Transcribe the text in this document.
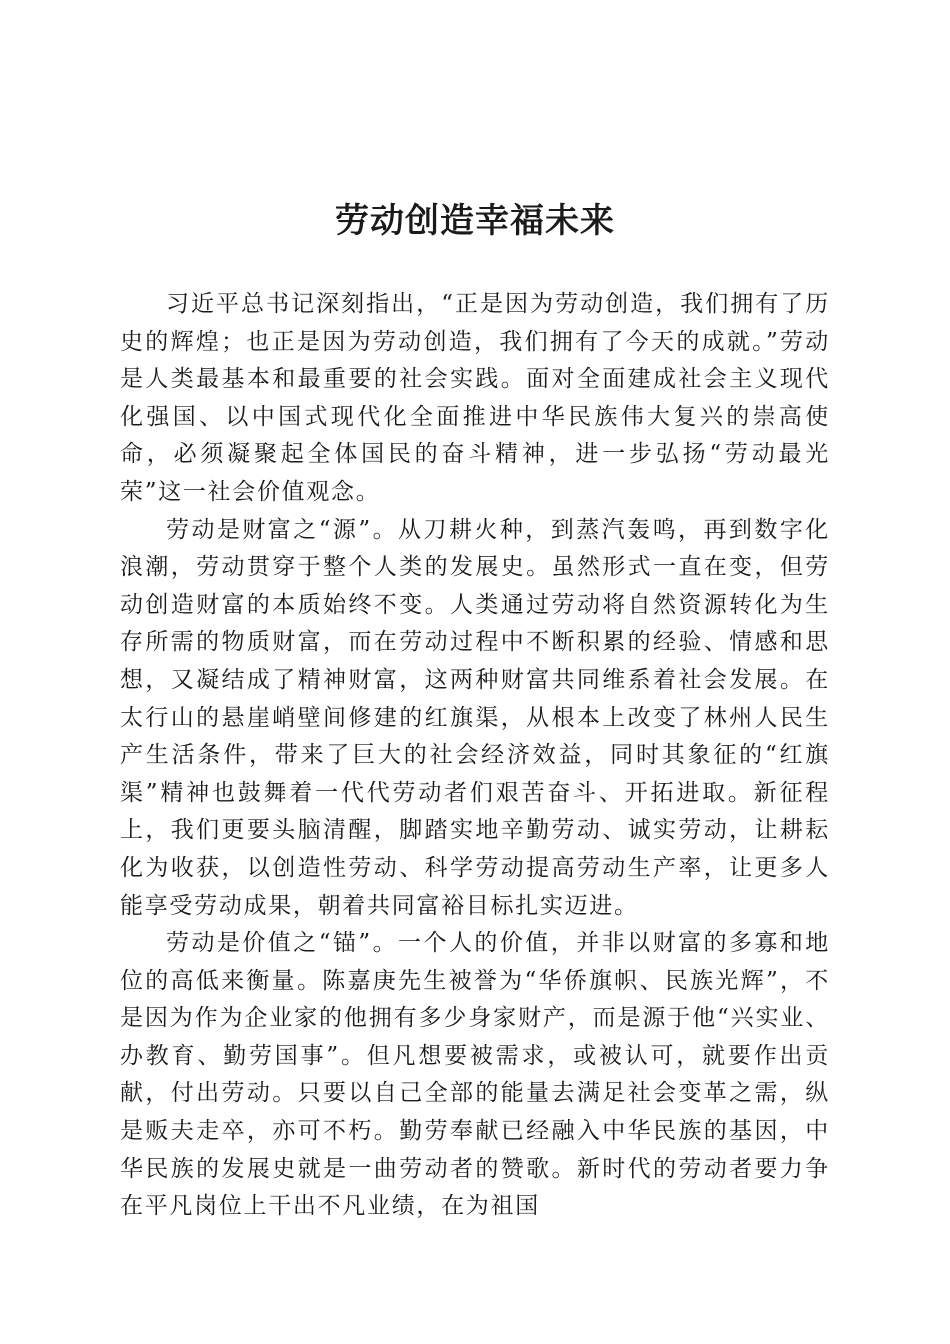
劳动创造幸福未来

习近平总书记深刻指出，“正是因为劳动创造，我们拥有了历史的辉煌；也正是因为劳动创造，我们拥有了今天的成就。”劳动是人类最基本和最重要的社会实践。面对全面建成社会主义现代化强国、以中国式现代化全面推进中华民族伟大复兴的崇高使命，必须凝聚起全体国民的奋斗精神，进一步弘扬“劳动最光荣”这一社会价值观念。

劳动是财富之“源”。从刀耕火种，到蒸汽轰鸣，再到数字化浪潮，劳动贯穿于整个人类的发展史。虽然形式一直在变，但劳动创造财富的本质始终不变。人类通过劳动将自然资源转化为生存所需的物质财富，而在劳动过程中不断积累的经验、情感和思想，又凝结成了精神财富，这两种财富共同维系着社会发展。在太行山的悬崖峭壁间修建的红旗渠，从根本上改变了林州人民生产生活条件，带来了巨大的社会经济效益，同时其象征的“红旗渠”精神也鼓舞着一代代劳动者们艰苦奋斗、开拓进取。新征程上，我们更要头脑清醒，脚踏实地辛勤劳动、诚实劳动，让耕耘化为收获，以创造性劳动、科学劳动提高劳动生产率，让更多人能享受劳动成果，朝着共同富裕目标扎实迈进。

劳动是价值之“锚”。一个人的价值，并非以财富的多寡和地位的高低来衡量。陈嘉庚先生被誉为“华侨旗帜、民族光辉”，不是因为作为企业家的他拥有多少身家财产，而是源于他“兴实业、办教育、勤劳国事”。但凡想要被需求，或被认可，就要作出贡献，付出劳动。只要以自己全部的能量去满足社会变革之需，纵是贩夫走卒，亦可不朽。勤劳奉献已经融入中华民族的基因，中华民族的发展史就是一曲劳动者的赞歌。新时代的劳动者要力争在平凡岗位上干出不凡业绩，在为祖国
